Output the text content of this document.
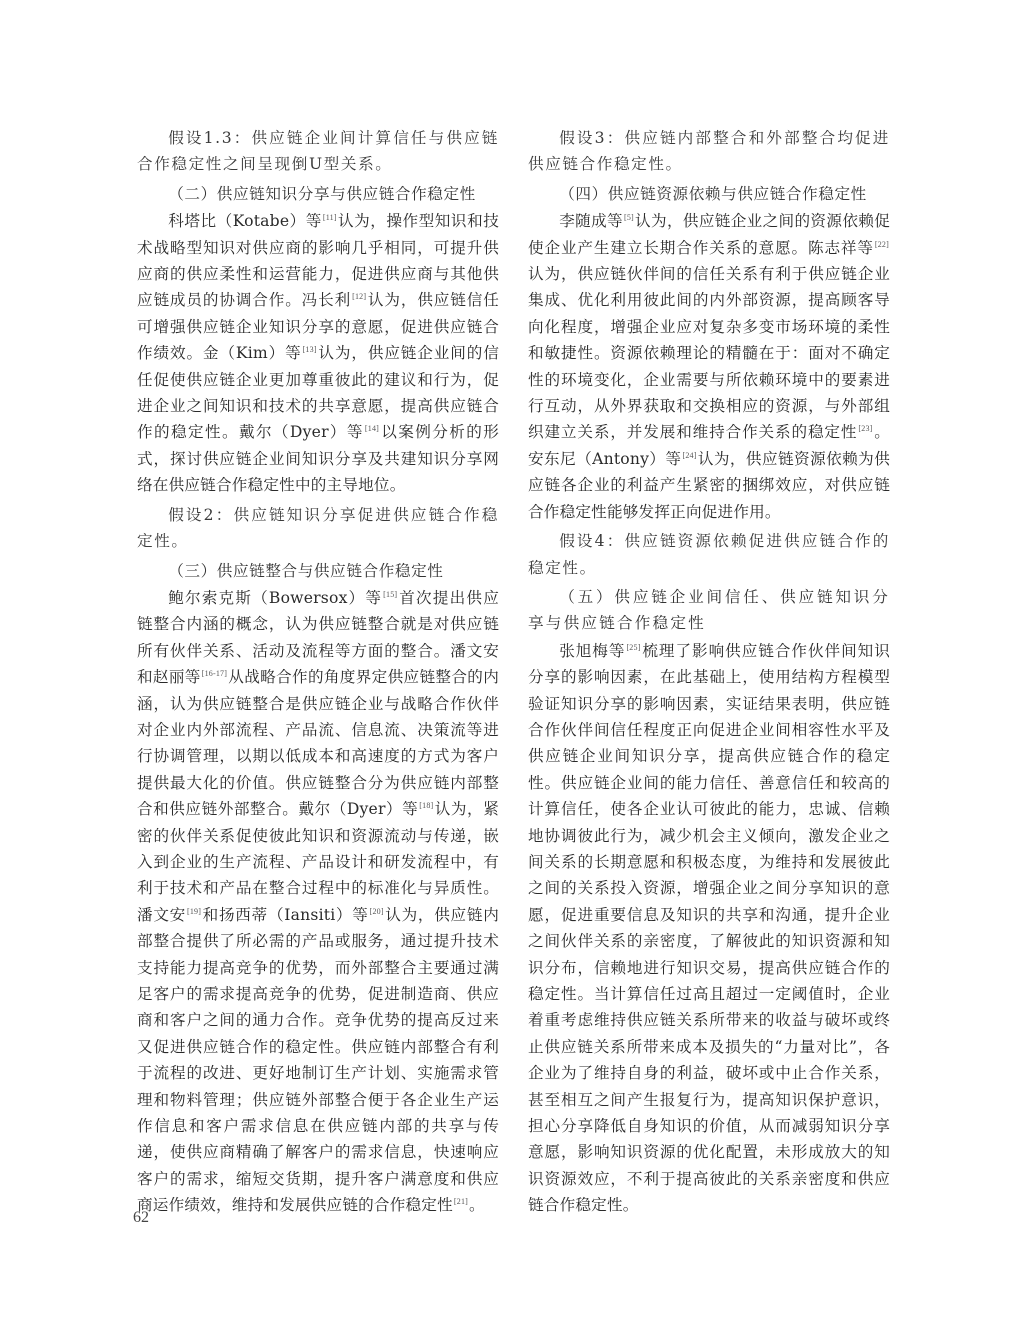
假设1.3：供应链企业间计算信任与供应链合作稳定性之间呈现倒U型关系。

（二）供应链知识分享与供应链合作稳定性

科塔比（Kotabe）等[11]认为，操作型知识和技术战略型知识对供应商的影响几乎相同，可提升供应商的供应柔性和运营能力，促进供应商与其他供应链成员的协调合作。冯长利[12]认为，供应链信任可增强供应链企业知识分享的意愿，促进供应链合作绩效。金（Kim）等[13]认为，供应链企业间的信任促使供应链企业更加尊重彼此的建议和行为，促进企业之间知识和技术的共享意愿，提高供应链合作的稳定性。戴尔（Dyer）等[14]以案例分析的形式，探讨供应链企业间知识分享及共建知识分享网络在供应链合作稳定性中的主导地位。

假设2：供应链知识分享促进供应链合作稳定性。

（三）供应链整合与供应链合作稳定性

鲍尔索克斯（Bowersox）等[15]首次提出供应链整合内涵的概念，认为供应链整合就是对供应链所有伙伴关系、活动及流程等方面的整合。潘文安和赵丽等[16-17]从战略合作的角度界定供应链整合的内涵，认为供应链整合是供应链企业与战略合作伙伴对企业内外部流程、产品流、信息流、决策流等进行协调管理，以期以低成本和高速度的方式为客户提供最大化的价值。供应链整合分为供应链内部整合和供应链外部整合。戴尔（Dyer）等[18]认为，紧密的伙伴关系促使彼此知识和资源流动与传递，嵌入到企业的生产流程、产品设计和研发流程中，有利于技术和产品在整合过程中的标准化与异质性。潘文安[19]和扬西蒂（Iansiti）等[20]认为，供应链内部整合提供了所必需的产品或服务，通过提升技术支持能力提高竞争的优势，而外部整合主要通过满足客户的需求提高竞争的优势，促进制造商、供应商和客户之间的通力合作。竞争优势的提高反过来又促进供应链合作的稳定性。供应链内部整合有利于流程的改进、更好地制订生产计划、实施需求管理和物料管理；供应链外部整合便于各企业生产运作信息和客户需求信息在供应链内部的共享与传递，使供应商精确了解客户的需求信息，快速响应客户的需求，缩短交货期，提升客户满意度和供应商运作绩效，维持和发展供应链的合作稳定性[21]。

假设3：供应链内部整合和外部整合均促进供应链合作稳定性。

（四）供应链资源依赖与供应链合作稳定性

李随成等[5]认为，供应链企业之间的资源依赖促使企业产生建立长期合作关系的意愿。陈志祥等[22]认为，供应链伙伴间的信任关系有利于供应链企业集成、优化利用彼此间的内外部资源，提高顾客导向化程度，增强企业应对复杂多变市场环境的柔性和敏捷性。资源依赖理论的精髓在于：面对不确定性的环境变化，企业需要与所依赖环境中的要素进行互动，从外界获取和交换相应的资源，与外部组织建立关系，并发展和维持合作关系的稳定性[23]。安东尼（Antony）等[24]认为，供应链资源依赖为供应链各企业的利益产生紧密的捆绑效应，对供应链合作稳定性能够发挥正向促进作用。

假设4：供应链资源依赖促进供应链合作的稳定性。

（五）供应链企业间信任、供应链知识分享与供应链合作稳定性

张旭梅等[25]梳理了影响供应链合作伙伴间知识分享的影响因素，在此基础上，使用结构方程模型验证知识分享的影响因素，实证结果表明，供应链合作伙伴间信任程度正向促进企业间相容性水平及供应链企业间知识分享，提高供应链合作的稳定性。供应链企业间的能力信任、善意信任和较高的计算信任，使各企业认可彼此的能力，忠诚、信赖地协调彼此行为，减少机会主义倾向，激发企业之间关系的长期意愿和积极态度，为维持和发展彼此之间的关系投入资源，增强企业之间分享知识的意愿，促进重要信息及知识的共享和沟通，提升企业之间伙伴关系的亲密度，了解彼此的知识资源和知识分布，信赖地进行知识交易，提高供应链合作的稳定性。当计算信任过高且超过一定阈值时，企业着重考虑维持供应链关系所带来的收益与破坏或终止供应链关系所带来成本及损失的“力量对比”，各企业为了维持自身的利益，破坏或中止合作关系，甚至相互之间产生报复行为，提高知识保护意识，担心分享降低自身知识的价值，从而减弱知识分享意愿，影响知识资源的优化配置，未形成放大的知识资源效应，不利于提高彼此的关系亲密度和供应链合作稳定性。

62
